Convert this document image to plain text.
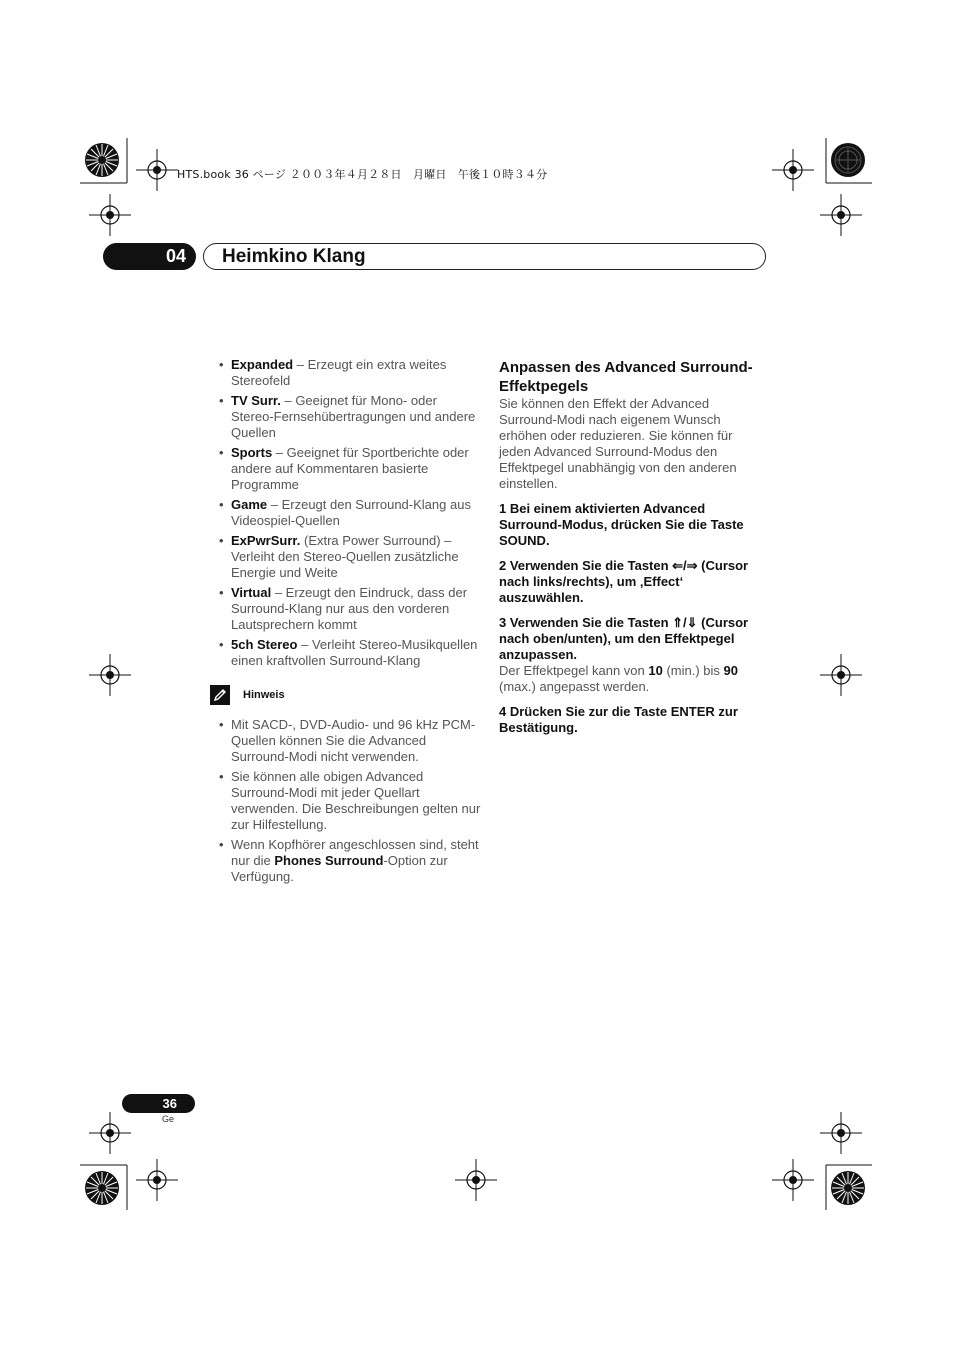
HTS.book 36 ページ ２００３年４月２８日　月曜日　午後１０時３４分
04	Heimkino Klang
• Expanded – Erzeugt ein extra weites Stereofeld
• TV Surr. – Geeignet für Mono- oder Stereo-Fernsehübertragungen und andere Quellen
• Sports – Geeignet für Sportberichte oder andere auf Kommentaren basierte Programme
• Game – Erzeugt den Surround-Klang aus Videospiel-Quellen
• ExPwrSurr. (Extra Power Surround) – Verleiht den Stereo-Quellen zusätzliche Energie und Weite
• Virtual – Erzeugt den Eindruck, dass der Surround-Klang nur aus den vorderen Lautsprechern kommt
• 5ch Stereo – Verleiht Stereo-Musikquellen einen kraftvollen Surround-Klang
Hinweis
• Mit SACD-, DVD-Audio- und 96 kHz PCM-Quellen können Sie die Advanced Surround-Modi nicht verwenden.
• Sie können alle obigen Advanced Surround-Modi mit jeder Quellart verwenden. Die Beschreibungen gelten nur zur Hilfestellung.
• Wenn Kopfhörer angeschlossen sind, steht nur die Phones Surround-Option zur Verfügung.
Anpassen des Advanced Surround-Effektpegels
Sie können den Effekt der Advanced Surround-Modi nach eigenem Wunsch erhöhen oder reduzieren. Sie können für jeden Advanced Surround-Modus den Effektpegel unabhängig von den anderen einstellen.
1 Bei einem aktivierten Advanced Surround-Modus, drücken Sie die Taste SOUND.
2 Verwenden Sie die Tasten ⇐/⇒ (Cursor nach links/rechts), um ‚Effect‘ auszuwählen.
3 Verwenden Sie die Tasten ⇑/⇓ (Cursor nach oben/unten), um den Effektpegel anzupassen.
Der Effektpegel kann von 10 (min.) bis 90 (max.) angepasst werden.
4 Drücken Sie zur die Taste ENTER zur Bestätigung.
36
Ge
